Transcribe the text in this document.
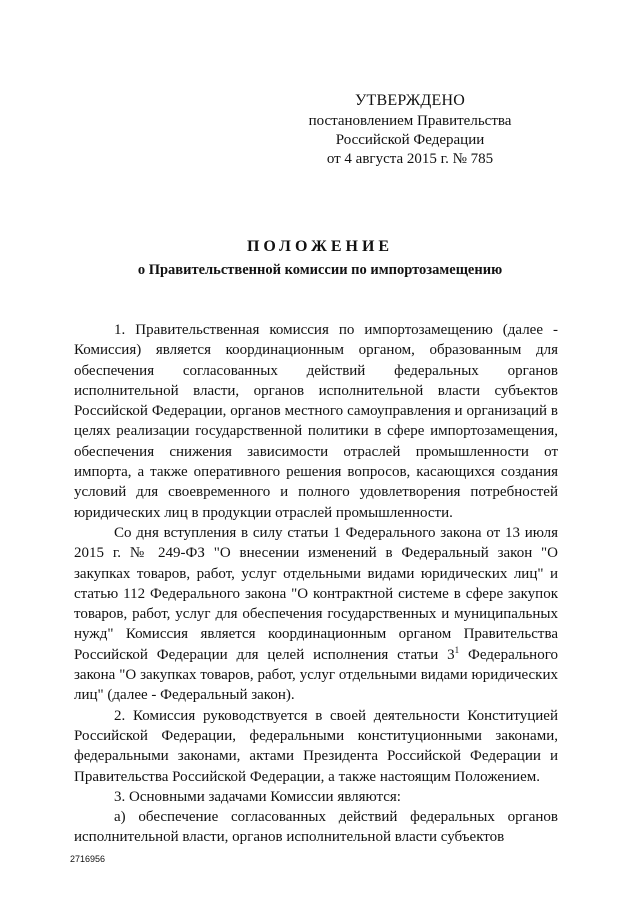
УТВЕРЖДЕНО
постановлением Правительства
Российской Федерации
от 4 августа 2015 г. № 785
ПОЛОЖЕНИЕ
о Правительственной комиссии по импортозамещению

1. Правительственная комиссия по импортозамещению (далее - Комиссия) является координационным органом, образованным для обеспечения согласованных действий федеральных органов исполнительной власти, органов исполнительной власти субъектов Российской Федерации, органов местного самоуправления и организаций в целях реализации государственной политики в сфере импортозамещения, обеспечения снижения зависимости отраслей промышленности от импорта, а также оперативного решения вопросов, касающихся создания условий для своевременного и полного удовлетворения потребностей юридических лиц в продукции отраслей промышленности.

Со дня вступления в силу статьи 1 Федерального закона от 13 июля 2015 г. № 249-ФЗ "О внесении изменений в Федеральный закон "О закупках товаров, работ, услуг отдельными видами юридических лиц" и статью 112 Федерального закона "О контрактной системе в сфере закупок товаров, работ, услуг для обеспечения государственных и муниципальных нужд" Комиссия является координационным органом Правительства Российской Федерации для целей исполнения статьи $3^1$ Федерального закона "О закупках товаров, работ, услуг отдельными видами юридических лиц" (далее - Федеральный закон).

2. Комиссия руководствуется в своей деятельности Конституцией Российской Федерации, федеральными конституционными законами, федеральными законами, актами Президента Российской Федерации и Правительства Российской Федерации, а также настоящим Положением.

3. Основными задачами Комиссии являются:

а) обеспечение согласованных действий федеральных органов исполнительной власти, органов исполнительной власти субъектов

2716956
